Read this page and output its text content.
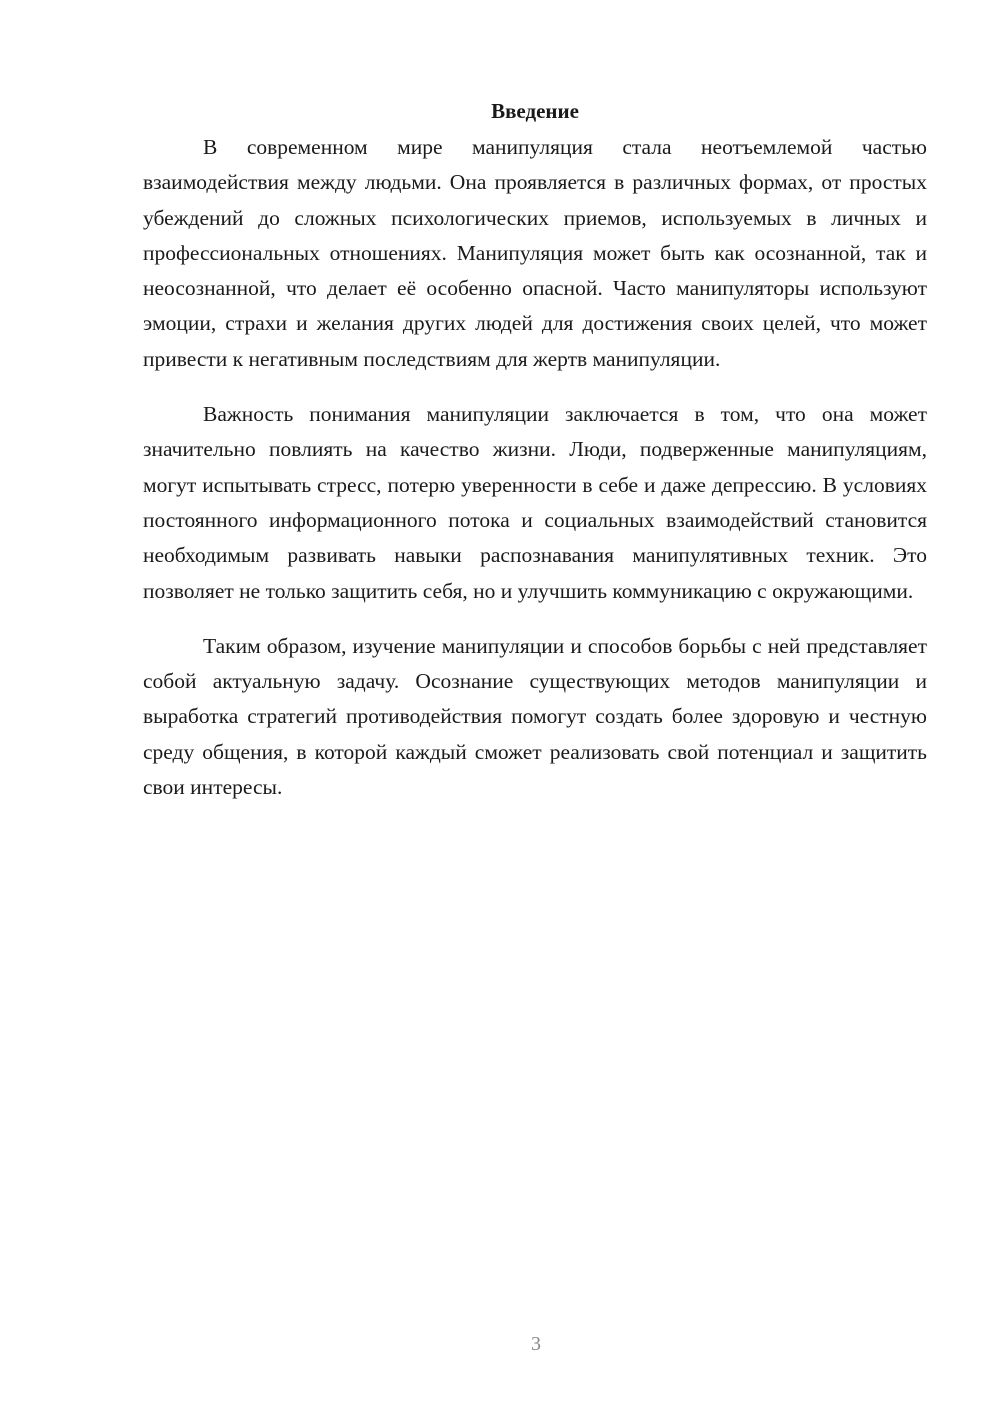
Введение

В современном мире манипуляция стала неотъемлемой частью взаимодействия между людьми. Она проявляется в различных формах, от простых убеждений до сложных психологических приемов, используемых в личных и профессиональных отношениях. Манипуляция может быть как осознанной, так и неосознанной, что делает её особенно опасной. Часто манипуляторы используют эмоции, страхи и желания других людей для достижения своих целей, что может привести к негативным последствиям для жертв манипуляции.

Важность понимания манипуляции заключается в том, что она может значительно повлиять на качество жизни. Люди, подверженные манипуляциям, могут испытывать стресс, потерю уверенности в себе и даже депрессию. В условиях постоянного информационного потока и социальных взаимодействий становится необходимым развивать навыки распознавания манипулятивных техник. Это позволяет не только защитить себя, но и улучшить коммуникацию с окружающими.

Таким образом, изучение манипуляции и способов борьбы с ней представляет собой актуальную задачу. Осознание существующих методов манипуляции и выработка стратегий противодействия помогут создать более здоровую и честную среду общения, в которой каждый сможет реализовать свой потенциал и защитить свои интересы.

3
